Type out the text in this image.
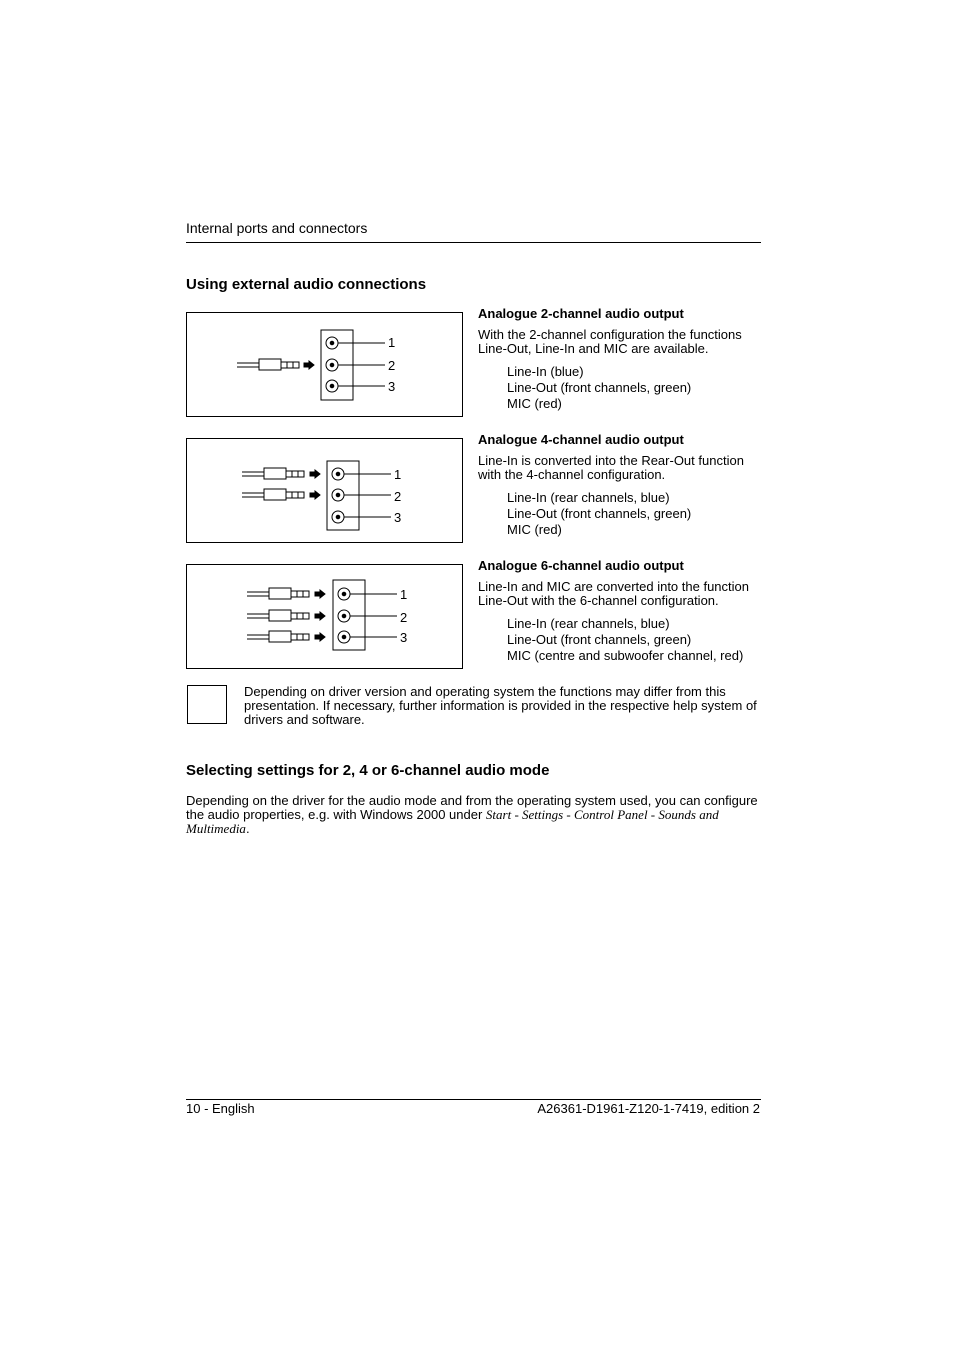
Internal ports and connectors
Using external audio connections
1
2
3

Analogue 2-channel audio output

With the 2-channel configuration the functions Line-Out, Line-In and MIC are available.

Line-In (blue)
Line-Out (front channels, green)
MIC (red)
1
2
3

Analogue 4-channel audio output

Line-In is converted into the Rear-Out function with the 4-channel configuration.

Line-In (rear channels, blue)
Line-Out (front channels, green)
MIC (red)
1
2
3

Analogue 6-channel audio output

Line-In and MIC are converted into the function Line-Out with the 6-channel configuration.

Line-In (rear channels, blue)
Line-Out (front channels, green)
MIC (centre and subwoofer channel, red)
Depending on driver version and operating system the functions may differ from this presentation. If necessary, further information is provided in the respective help system of drivers and software.
Selecting settings for 2, 4 or 6-channel audio mode
Depending on the driver for the audio mode and from the operating system used, you can configure the audio properties, e.g. with Windows 2000 under Start - Settings - Control Panel - Sounds and Multimedia.
10 - English	A26361-D1961-Z120-1-7419, edition 2
